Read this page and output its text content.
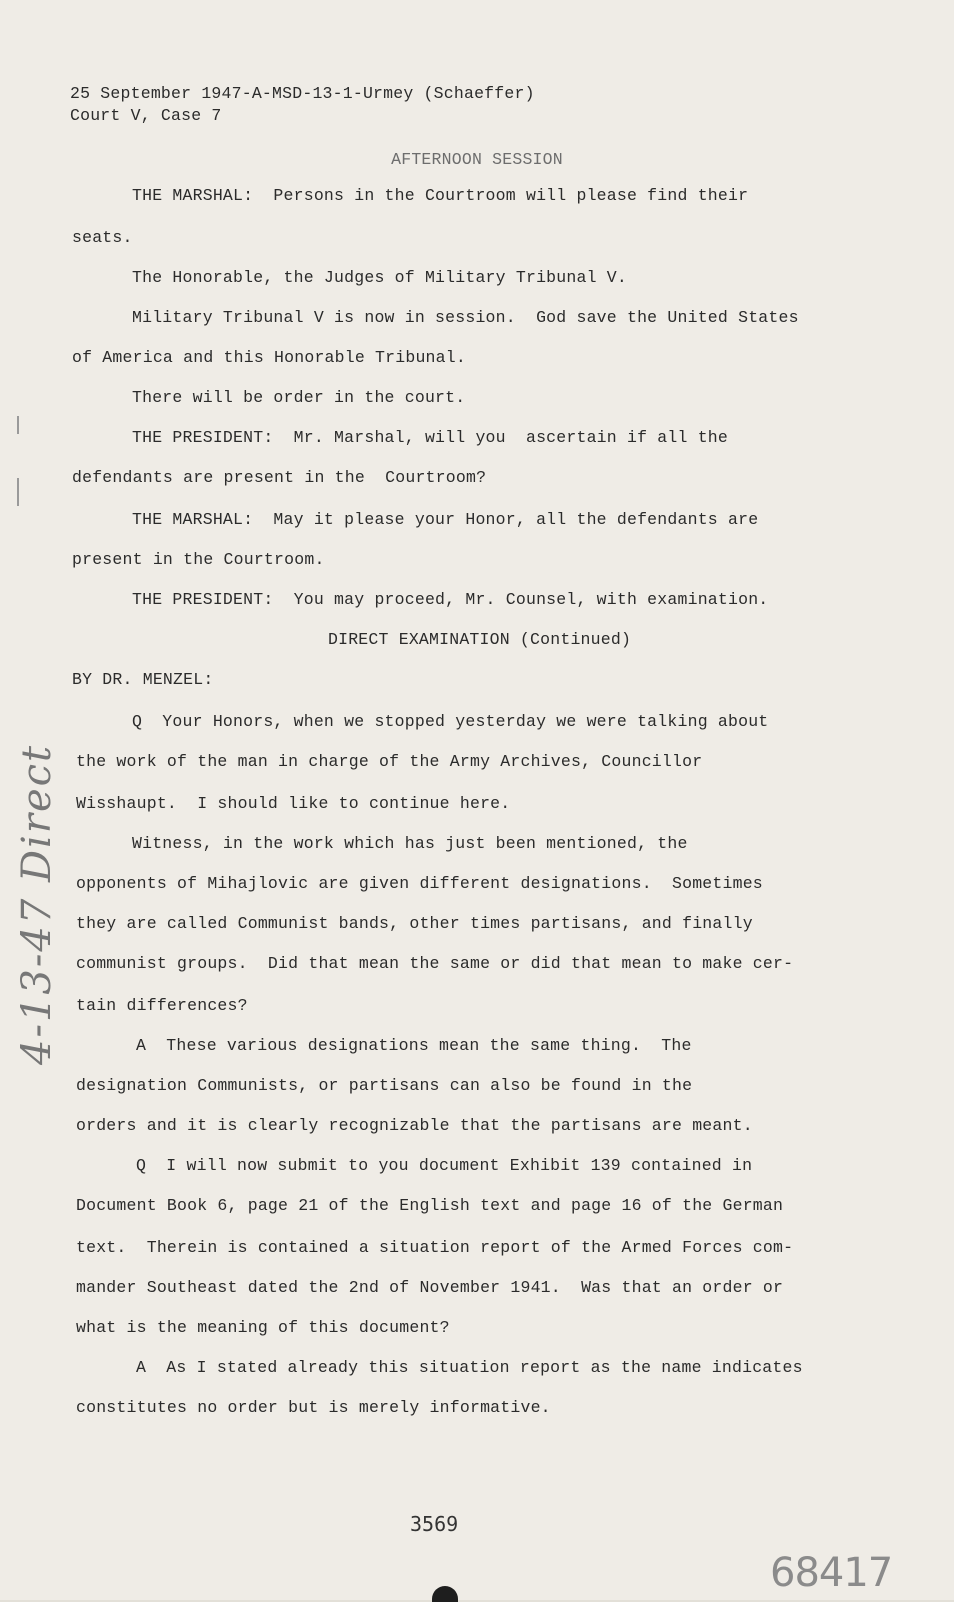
25 September 1947-A-MSD-13-1-Urmey (Schaeffer)
Court V, Case 7
AFTERNOON SESSION
THE MARSHAL:  Persons in the Courtroom will please find their
seats.
The Honorable, the Judges of Military Tribunal V.
Military Tribunal V is now in session.  God save the United States
of America and this Honorable Tribunal.
There will be order in the court.
THE PRESIDENT:  Mr. Marshal, will you  ascertain if all the
defendants are present in the  Courtroom?
THE MARSHAL:  May it please your Honor, all the defendants are
present in the Courtroom.
THE PRESIDENT:  You may proceed, Mr. Counsel, with examination.
DIRECT EXAMINATION (Continued)
BY DR. MENZEL:
Q  Your Honors, when we stopped yesterday we were talking about
the work of the man in charge of the Army Archives, Councillor
Wisshaupt.  I should like to continue here.
Witness, in the work which has just been mentioned, the
opponents of Mihajlovic are given different designations.  Sometimes
they are called Communist bands, other times partisans, and finally
communist groups.  Did that mean the same or did that mean to make cer-
tain differences?
A  These various designations mean the same thing.  The
designation Communists, or partisans can also be found in the
orders and it is clearly recognizable that the partisans are meant.
Q  I will now submit to you document Exhibit 139 contained in
Document Book 6, page 21 of the English text and page 16 of the German
text.  Therein is contained a situation report of the Armed Forces com-
mander Southeast dated the 2nd of November 1941.  Was that an order or
what is the meaning of this document?
A  As I stated already this situation report as the name indicates
constitutes no order but is merely informative.
3569
4-13-47 Direct
68417
